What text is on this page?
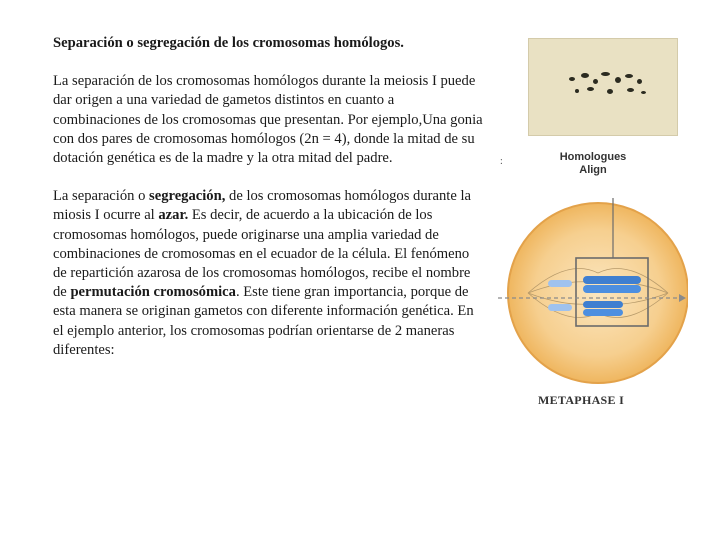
Separación o segregación de los cromosomas homólogos.

La separación de los cromosomas homólogos durante la meiosis I puede dar origen a una variedad de gametos distintos en cuanto a combinaciones de los cromosomas que presentan. Por ejemplo,Una gonia con dos pares de cromosomas homólogos (2n = 4), donde la mitad de su dotación genética es de la madre y la otra mitad del padre.

La separación o segregación, de los cromosomas homólogos durante la miosis I ocurre al azar. Es decir, de acuerdo a la ubicación de los cromosomas homólogos, puede originarse una amplia variedad de combinaciones de cromosomas en el ecuador de la célula. El fenómeno de repartición azarosa de los cromosomas homólogos, recibe el nombre de permutación cromosómica. Este tiene gran importancia, porque de esta manera se originan gametos con diferente información genética. En el ejemplo anterior, los cromosomas podrían orientarse de 2 maneras diferentes:

:	Homologues
Align
METAPHASE I
